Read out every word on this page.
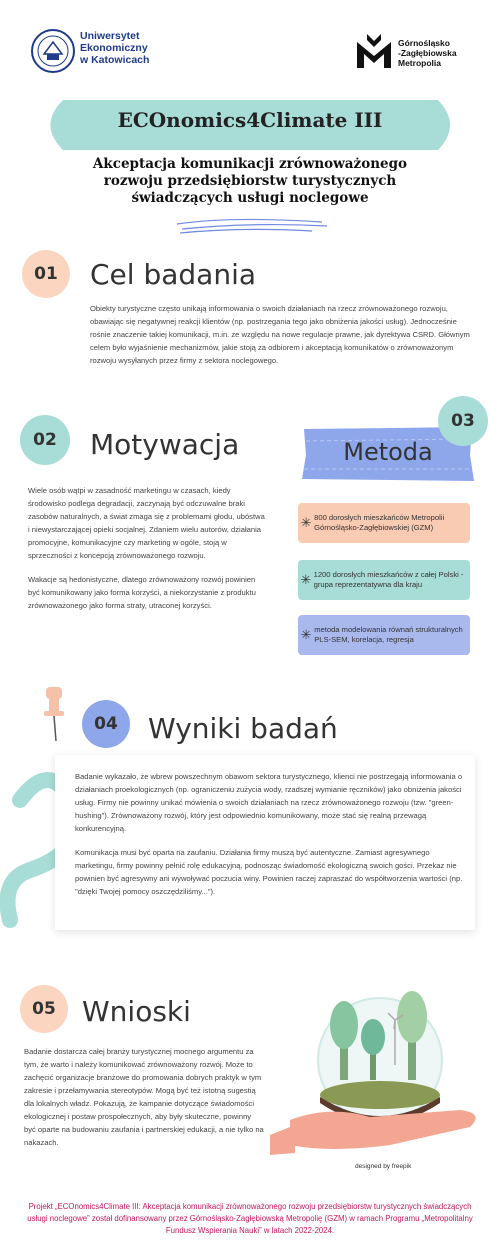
Uniwersytet
Ekonomiczny
w Katowicach
Górnośląsko
-Zagłębiowska
Metropolia
ECOnomics4Climate III
Akceptacja komunikacji zrównoważonego
rozwoju przedsiębiorstw turystycznych
świadczących usługi noclegowe
01	Cel badania
Obiekty turystyczne często unikają informowania o swoich działaniach na rzecz zrównoważonego rozwoju, obawiając się negatywnej reakcji klientów (np. postrzegania tego jako obniżenia jakości usług). Jednocześnie rośnie znaczenie takiej komunikacji, m.in. ze względu na nowe regulacje prawne, jak dyrektywa CSRD. Głównym celem było wyjaśnienie mechanizmów, jakie stoją za odbiorem i akceptacją komunikatów o zrównoważonym rozwoju wysyłanych przez firmy z sektora noclegowego.
02	Motywacja

Wiele osób wątpi w zasadność marketingu w czasach, kiedy środowisko podlega degradacji, zaczynają być odczuwalne braki zasobów naturalnych, a świat zmaga się z problemami głodu, ubóstwa i niewystarczającej opieki socjalnej. Zdaniem wielu autorów, działania promocyjne, komunikacyjne czy marketing w ogóle, stoją w sprzeczności z koncepcją zrównoważonego rozwoju.

Wakacje są hedonistyczne, dlatego zrównoważony rozwój powinien być komunikowany jako forma korzyści, a niekorzystanie z produktu zrównoważonego jako forma straty, utraconej korzyści.

Metoda
03
✳ 800 dorosłych mieszkańców Metropolii Górnośląsko-Zagłębiowskiej (GZM)
✳ 1200 dorosłych mieszkańców z całej Polski - grupa reprezentatywna dla kraju
✳ metoda modelowania równań strukturalnych PLS-SEM, korelacja, regresja
04	Wyniki badań

Badanie wykazało, że wbrew powszechnym obawom sektora turystycznego, klienci nie postrzegają informowania o działaniach proekologicznych (np. ograniczeniu zużycia wody, rzadszej wymianie ręczników) jako obniżenia jakości usług. Firmy nie powinny unikać mówienia o swoich działaniach na rzecz zrównoważonego rozwoju (tzw. "green-hushing"). Zrównoważony rozwój, który jest odpowiednio komunikowany, może stać się realną przewagą konkurencyjną.

Komunikacja musi być oparta na zaufaniu. Działania firmy muszą być autentyczne. Zamiast agresywnego marketingu, firmy powinny pełnić rolę edukacyjną, podnosząc świadomość ekologiczną swoich gości. Przekaz nie powinien być agresywny ani wywoływać poczucia winy. Powinien raczej zapraszać do współtworzenia wartości (np. "dzięki Twojej pomocy oszczędziliśmy...").

05 Wnioski
Badanie dostarcza całej branży turystycznej mocnego argumentu za tym, że warto i należy komunikować zrównoważony rozwój. Może to zachęcić organizacje branżowe do promowania dobrych praktyk w tym zakresie i przełamywania stereotypów. Mogą być też istotną sugestią dla lokalnych władz. Pokazują, że kampanie dotyczące świadomości ekologicznej i postaw prospołecznych, aby były skuteczne, powinny być oparte na budowaniu zaufania i partnerskiej edukacji, a nie tylko na nakazach.
designed by freepik
Projekt „ECOnomics4Climate III: Akceptacja komunikacji zrównoważonego rozwoju przedsiębiorstw turystycznych świadczących usługi noclegowe” został dofinansowany przez Górnośląsko-Zagłębiowską Metropolię (GZM) w ramach Programu „Metropolitalny Fundusz Wspierania Nauki” w latach 2022-2024.
